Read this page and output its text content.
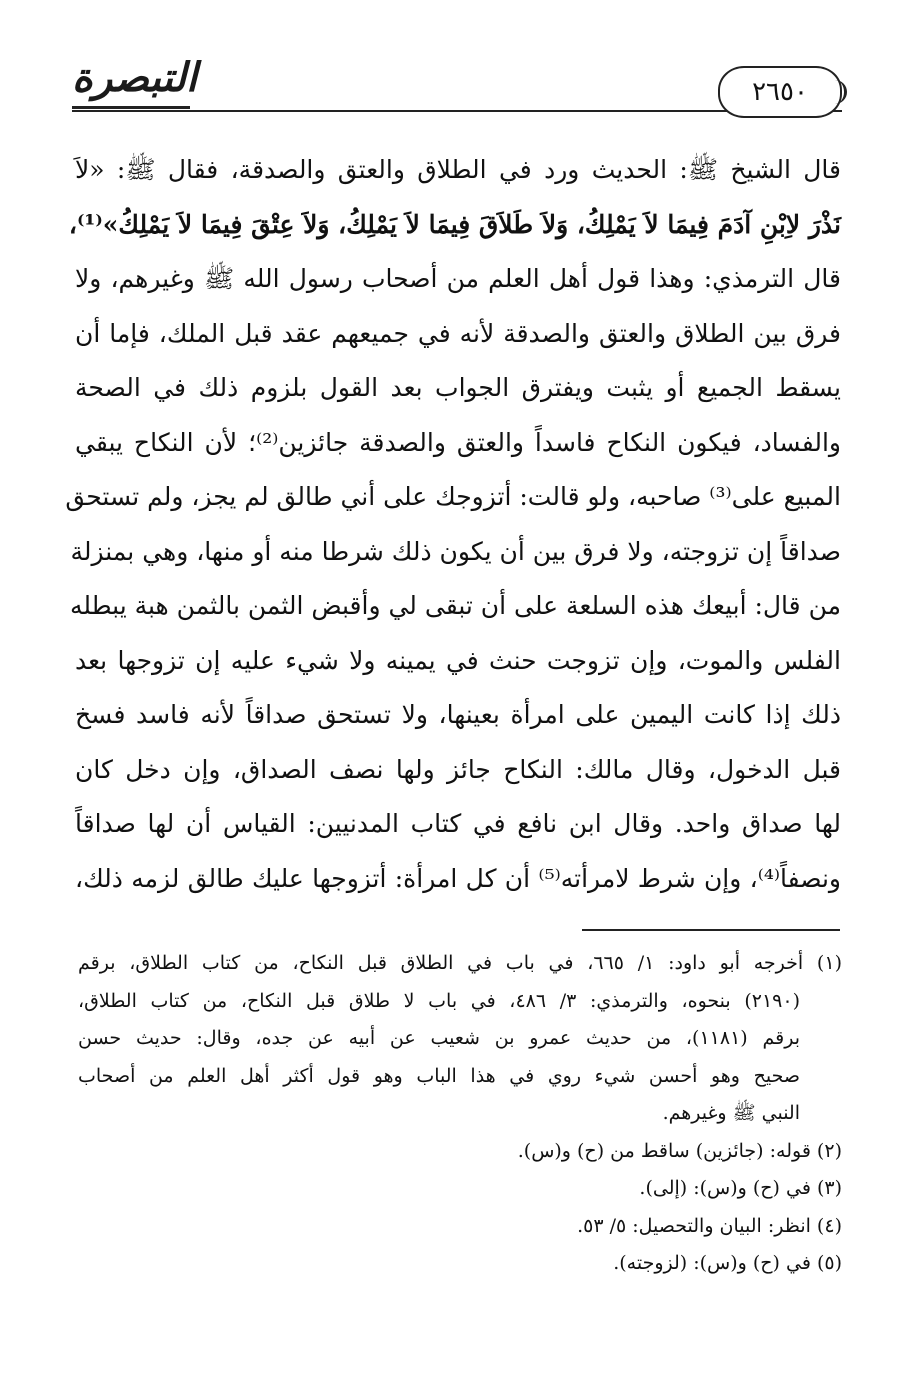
التبصرة	٢٦٥٠
قال الشيخ ﷺ: الحديث ورد في الطلاق والعتق والصدقة، فقال ﷺ: «لاَ
نَذْرَ لاِبْنِ آدَمَ فِيمَا لاَ يَمْلِكُ، وَلاَ طَلاَقَ فِيمَا لاَ يَمْلِكُ، وَلاَ عِتْقَ فِيمَا لاَ يَمْلِكُ»⁽¹⁾،
قال الترمذي: وهذا قول أهل العلم من أصحاب رسول الله ﷺ وغيرهم، ولا
فرق بين الطلاق والعتق والصدقة لأنه في جميعهم عقد قبل الملك، فإما أن
يسقط الجميع أو يثبت ويفترق الجواب بعد القول بلزوم ذلك في الصحة
والفساد، فيكون النكاح فاسداً والعتق والصدقة جائزين⁽²⁾؛ لأن النكاح يبقي
المبيع على⁽³⁾ صاحبه، ولو قالت: أتزوجك على أني طالق لم يجز، ولم تستحق
صداقاً إن تزوجته، ولا فرق بين أن يكون ذلك شرطا منه أو منها، وهي بمنزلة
من قال: أبيعك هذه السلعة على أن تبقى لي وأقبض الثمن بالثمن هبة يبطله
الفلس والموت، وإن تزوجت حنث في يمينه ولا شيء عليه إن تزوجها بعد
ذلك إذا كانت اليمين على امرأة بعينها، ولا تستحق صداقاً لأنه فاسد فسخ
قبل الدخول، وقال مالك: النكاح جائز ولها نصف الصداق، وإن دخل كان
لها صداق واحد. وقال ابن نافع في كتاب المدنيين: القياس أن لها صداقاً
ونصفاً⁽⁴⁾، وإن شرط لامرأته⁽⁵⁾ أن كل امرأة: أتزوجها عليك طالق لزمه ذلك،
(١) أخرجه أبو داود: ١/ ٦٦٥، في باب في الطلاق قبل النكاح، من كتاب الطلاق، برقم
(٢١٩٠) بنحوه، والترمذي: ٣/ ٤٨٦، في باب لا طلاق قبل النكاح، من كتاب الطلاق،
برقم (١١٨١)، من حديث عمرو بن شعيب عن أبيه عن جده، وقال: حديث حسن
صحيح وهو أحسن شيء روي في هذا الباب وهو قول أكثر أهل العلم من أصحاب
النبي ﷺ وغيرهم.
(٢) قوله: (جائزين) ساقط من (ح) و(س).
(٣) في (ح) و(س): (إلى).
(٤) انظر: البيان والتحصيل: ٥/ ٥٣.
(٥) في (ح) و(س): (لزوجته).
